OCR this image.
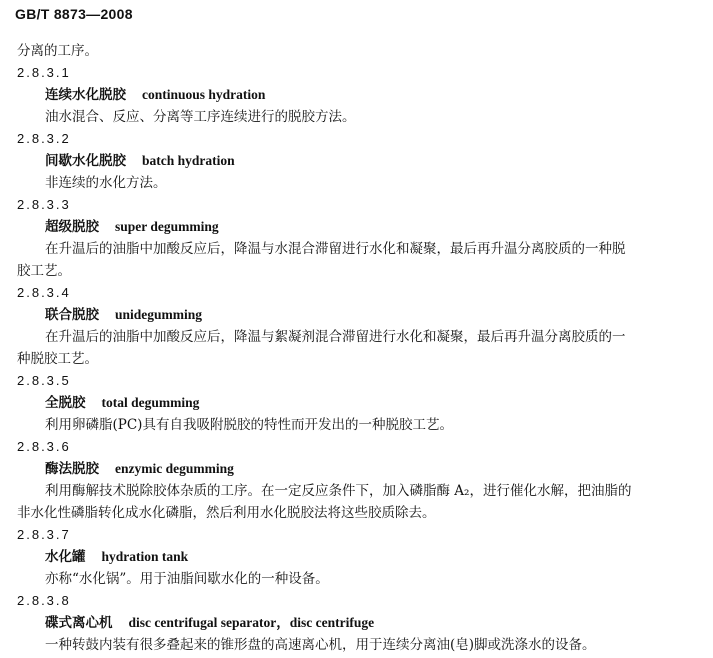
GB/T 8873—2008
分离的工序。
2.8.3.1
连续水化脱胶 continuous hydration
油水混合、反应、分离等工序连续进行的脱胶方法。
2.8.3.2
间歇水化脱胶 batch hydration
非连续的水化方法。
2.8.3.3
超级脱胶 super degumming
在升温后的油脂中加酸反应后，降温与水混合滞留进行水化和凝聚，最后再升温分离胶质的一种脱
胶工艺。
2.8.3.4
联合脱胶 unidegumming
在升温后的油脂中加酸反应后，降温与絮凝剂混合滞留进行水化和凝聚，最后再升温分离胶质的一
种脱胶工艺。
2.8.3.5
全脱胶 total degumming
利用卵磷脂(PC)具有自我吸附脱胶的特性而开发出的一种脱胶工艺。
2.8.3.6
酶法脱胶 enzymic degumming
利用酶解技术脱除胶体杂质的工序。在一定反应条件下，加入磷脂酶 A₂，进行催化水解，把油脂的
非水化性磷脂转化成水化磷脂，然后利用水化脱胶法将这些胶质除去。
2.8.3.7
水化罐 hydration tank
亦称“水化锅”。用于油脂间歇水化的一种设备。
2.8.3.8
碟式离心机 disc centrifugal separator，disc centrifuge
一种转鼓内装有很多叠起来的锥形盘的高速离心机，用于连续分离油(皂)脚或洗涤水的设备。
